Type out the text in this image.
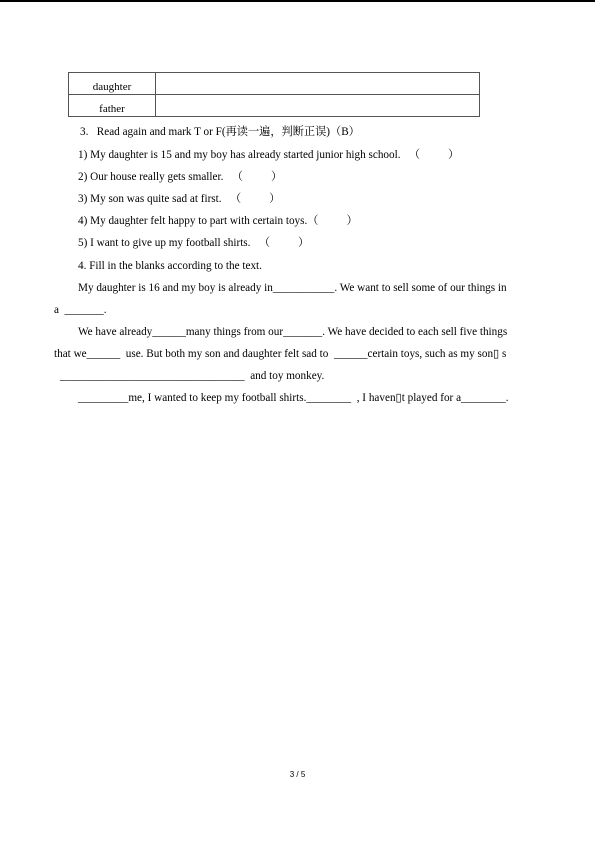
daughter	
father	
3.   Read again and mark T or F(再读一遍，判断正误)（B）
1) My daughter is 15 and my boy has already started junior high school.   （          ）
2) Our house really gets smaller.   （          ）
3) My son was quite sad at first.   （          ）
4) My daughter felt happy to part with certain toys.（          ）
5) I want to give up my football shirts.   （          ）
4. Fill in the blanks according to the text.
My daughter is 16 and my boy is already in___________. We want to sell some of our things in
a  _______.
We have already______many things from our_______. We have decided to each sell five things
that we______  use. But both my son and daughter felt sad to  ______certain toys, such as my son▯ s
_________________________________  and toy monkey.
_________me, I wanted to keep my football shirts.________  , I haven▯t played for a________.
3 / 5
